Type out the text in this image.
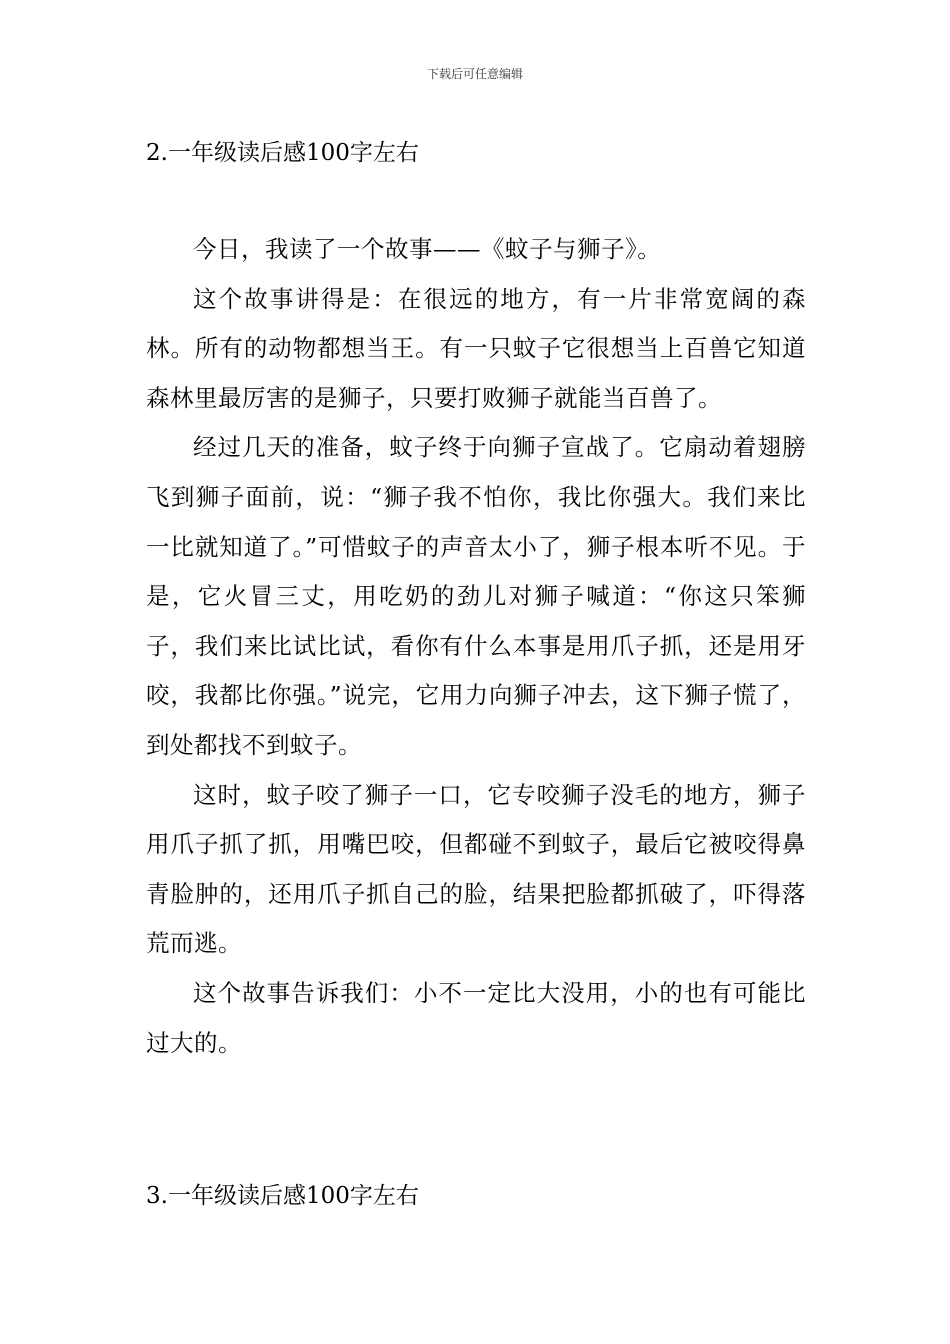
下载后可任意编辑
2.一年级读后感100字左右

今日，我读了一个故事——《蚊子与狮子》。

这个故事讲得是：在很远的地方，有一片非常宽阔的森林。所有的动物都想当王。有一只蚊子它很想当上百兽它知道森林里最厉害的是狮子，只要打败狮子就能当百兽了。

经过几天的准备，蚊子终于向狮子宣战了。它扇动着翅膀飞到狮子面前，说：“狮子我不怕你，我比你强大。我们来比一比就知道了。”可惜蚊子的声音太小了，狮子根本听不见。于是，它火冒三丈，用吃奶的劲儿对狮子喊道：“你这只笨狮子，我们来比试比试，看你有什么本事是用爪子抓，还是用牙咬，我都比你强。”说完，它用力向狮子冲去，这下狮子慌了，到处都找不到蚊子。

这时，蚊子咬了狮子一口，它专咬狮子没毛的地方，狮子用爪子抓了抓，用嘴巴咬，但都碰不到蚊子，最后它被咬得鼻青脸肿的，还用爪子抓自己的脸，结果把脸都抓破了，吓得落荒而逃。

这个故事告诉我们：小不一定比大没用，小的也有可能比过大的。

3.一年级读后感100字左右
